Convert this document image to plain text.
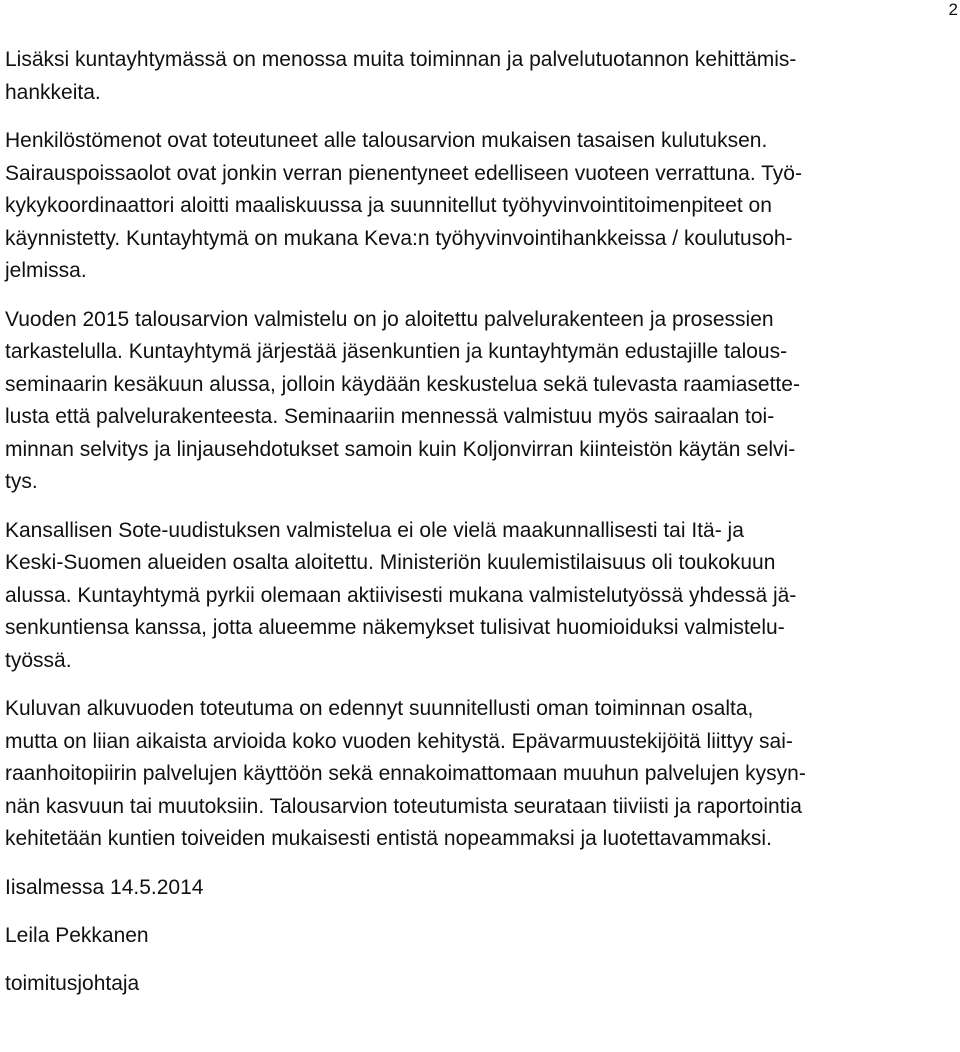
2

Lisäksi kuntayhtymässä on menossa muita toiminnan ja palvelutuotannon kehittämis-
hankkeita.

Henkilöstömenot ovat toteutuneet alle talousarvion mukaisen tasaisen kulutuksen.
Sairauspoissaolot ovat jonkin verran pienentyneet edelliseen vuoteen verrattuna. Työ-
kykykoordinaattori aloitti maaliskuussa ja suunnitellut työhyvinvointitoimenpiteet on
käynnistetty. Kuntayhtymä on mukana Keva:n työhyvinvointihankkeissa / koulutusoh-
jelmissa.

Vuoden 2015 talousarvion valmistelu on jo aloitettu palvelurakenteen ja prosessien
tarkastelulla. Kuntayhtymä järjestää jäsenkuntien ja kuntayhtymän edustajille talous-
seminaarin kesäkuun alussa, jolloin käydään keskustelua sekä tulevasta raamiasette-
lusta että palvelurakenteesta. Seminaariin mennessä valmistuu myös sairaalan toi-
minnan selvitys ja linjausehdotukset samoin kuin Koljonvirran kiinteistön käytän selvi-
tys.

Kansallisen Sote-uudistuksen valmistelua ei ole vielä maakunnallisesti tai Itä- ja
Keski-Suomen alueiden osalta aloitettu. Ministeriön kuulemistilaisuus oli toukokuun
alussa. Kuntayhtymä pyrkii olemaan aktiivisesti mukana valmistelutyössä yhdessä jä-
senkuntiensa kanssa, jotta alueemme näkemykset tulisivat huomioiduksi valmistelu-
työssä.

Kuluvan alkuvuoden toteutuma on edennyt suunnitellusti oman toiminnan osalta,
mutta on liian aikaista arvioida koko vuoden kehitystä. Epävarmuustekijöitä liittyy sai-
raanhoitopiirin palvelujen käyttöön sekä ennakoimattomaan muuhun palvelujen kysyn-
nän kasvuun tai muutoksiin. Talousarvion toteutumista seurataan tiiviisti ja raportointia
kehitetään kuntien toiveiden mukaisesti entistä nopeammaksi ja luotettavammaksi.

Iisalmessa 14.5.2014

Leila Pekkanen

toimitusjohtaja
